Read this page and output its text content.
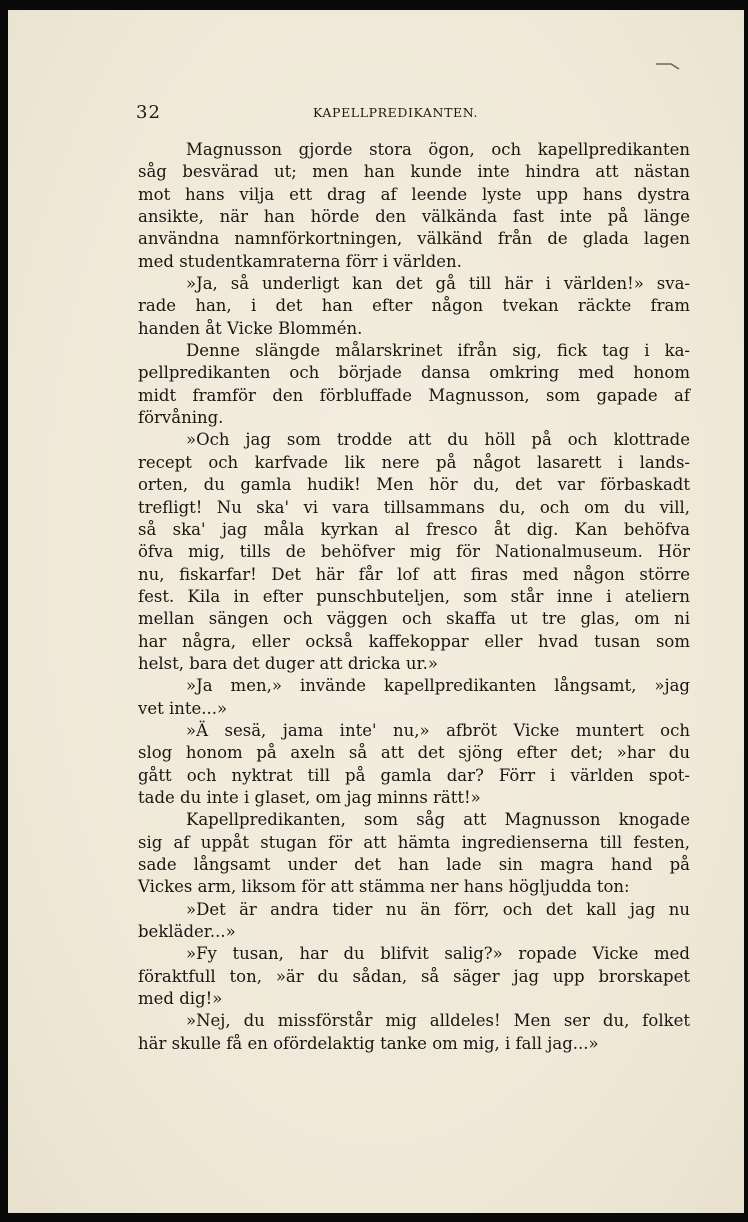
32	KAPELLPREDIKANTEN.

Magnusson gjorde stora ögon, och kapellpredikanten
såg besvärad ut; men han kunde inte hindra att nästan
mot hans vilja ett drag af leende lyste upp hans dystra
ansikte, när han hörde den välkända fast inte på länge
användna namnförkortningen, välkänd från de glada lagen
med studentkamraterna förr i världen.

»Ja, så underligt kan det gå till här i världen!» sva-
rade han, i det han efter någon tvekan räckte fram
handen åt Vicke Blommén.

Denne slängde målarskrinet ifrån sig, fick tag i ka-
pellpredikanten och började dansa omkring med honom
midt framför den förbluffade Magnusson, som gapade af
förvåning.

»Och jag som trodde att du höll på och klottrade
recept och karfvade lik nere på något lasarett i lands-
orten, du gamla hudik! Men hör du, det var förbaskadt
trefligt! Nu ska' vi vara tillsammans du, och om du vill,
så ska' jag måla kyrkan al fresco åt dig. Kan behöfva
öfva mig, tills de behöfver mig för Nationalmuseum. Hör
nu, fiskarfar! Det här får lof att firas med någon större
fest. Kila in efter punschbuteljen, som står inne i ateliern
mellan sängen och väggen och skaffa ut tre glas, om ni
har några, eller också kaffekoppar eller hvad tusan som
helst, bara det duger att dricka ur.»

»Ja men,» invände kapellpredikanten långsamt, »jag
vet inte...»

»Ä sesä, jama inte' nu,» afbröt Vicke muntert och
slog honom på axeln så att det sjöng efter det; »har du
gått och nyktrat till på gamla dar? Förr i världen spot-
tade du inte i glaset, om jag minns rätt!»

Kapellpredikanten, som såg att Magnusson knogade
sig af uppåt stugan för att hämta ingredienserna till festen,
sade långsamt under det han lade sin magra hand på
Vickes arm, liksom för att stämma ner hans högljudda ton:

»Det är andra tider nu än förr, och det kall jag nu
bekläder...»

»Fy tusan, har du blifvit salig?» ropade Vicke med
föraktfull ton, »är du sådan, så säger jag upp brorskapet
med dig!»

»Nej, du missförstår mig alldeles! Men ser du, folket
här skulle få en ofördelaktig tanke om mig, i fall jag...»
